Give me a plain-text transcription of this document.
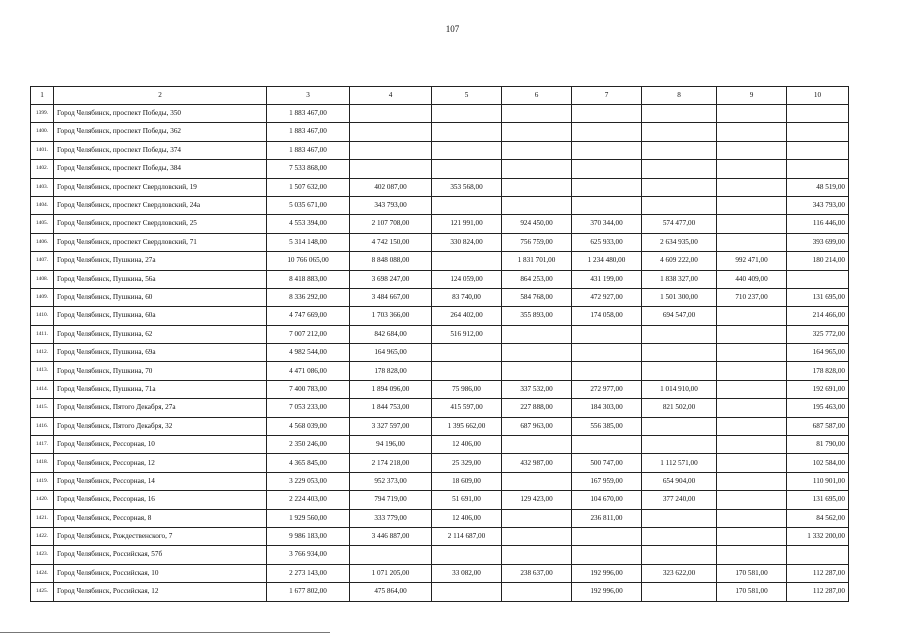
107
1	2	3	4	5	6	7	8	9	10
1399.	Город Челябинск, проспект Победы, 350	1 883 467,00							
1400.	Город Челябинск, проспект Победы, 362	1 883 467,00							
1401.	Город Челябинск, проспект Победы, 374	1 883 467,00							
1402.	Город Челябинск, проспект Победы, 384	7 533 868,00							
1403.	Город Челябинск, проспект Свердловский, 19	1 507 632,00	402 087,00	353 568,00					48 519,00
1404.	Город Челябинск, проспект Свердловский, 24а	5 035 671,00	343 793,00						343 793,00
1405.	Город Челябинск, проспект Свердловский, 25	4 553 394,00	2 107 708,00	121 991,00	924 450,00	370 344,00	574 477,00		116 446,00
1406.	Город Челябинск, проспект Свердловский, 71	5 314 148,00	4 742 150,00	330 824,00	756 759,00	625 933,00	2 634 935,00		393 699,00
1407.	Город Челябинск, Пушкина, 27а	10 766 065,00	8 848 088,00		1 831 701,00	1 234 480,00	4 609 222,00	992 471,00	180 214,00
1408.	Город Челябинск, Пушкина, 56а	8 418 883,00	3 698 247,00	124 059,00	864 253,00	431 199,00	1 838 327,00	440 409,00	
1409.	Город Челябинск, Пушкина, 60	8 336 292,00	3 484 667,00	83 740,00	584 768,00	472 927,00	1 501 300,00	710 237,00	131 695,00
1410.	Город Челябинск, Пушкина, 60а	4 747 669,00	1 703 366,00	264 402,00	355 893,00	174 058,00	694 547,00		214 466,00
1411.	Город Челябинск, Пушкина, 62	7 007 212,00	842 684,00	516 912,00					325 772,00
1412.	Город Челябинск, Пушкина, 69а	4 982 544,00	164 965,00						164 965,00
1413.	Город Челябинск, Пушкина, 70	4 471 086,00	178 828,00						178 828,00
1414.	Город Челябинск, Пушкина, 71а	7 400 783,00	1 894 096,00	75 986,00	337 532,00	272 977,00	1 014 910,00		192 691,00
1415.	Город Челябинск, Пятого Декабря, 27а	7 053 233,00	1 844 753,00	415 597,00	227 888,00	184 303,00	821 502,00		195 463,00
1416.	Город Челябинск, Пятого Декабря, 32	4 568 039,00	3 327 597,00	1 395 662,00	687 963,00	556 385,00			687 587,00
1417.	Город Челябинск, Рессорная, 10	2 350 246,00	94 196,00	12 406,00					81 790,00
1418.	Город Челябинск, Рессорная, 12	4 365 845,00	2 174 218,00	25 329,00	432 987,00	500 747,00	1 112 571,00		102 584,00
1419.	Город Челябинск, Рессорная, 14	3 229 053,00	952 373,00	18 609,00		167 959,00	654 904,00		110 901,00
1420.	Город Челябинск, Рессорная, 16	2 224 403,00	794 719,00	51 691,00	129 423,00	104 670,00	377 240,00		131 695,00
1421.	Город Челябинск, Рессорная, 8	1 929 560,00	333 779,00	12 406,00		236 811,00			84 562,00
1422.	Город Челябинск, Рождественского, 7	9 986 183,00	3 446 887,00	2 114 687,00					1 332 200,00
1423.	Город Челябинск, Российская, 57б	3 766 934,00							
1424.	Город Челябинск, Российская, 10	2 273 143,00	1 071 205,00	33 082,00	238 637,00	192 996,00	323 622,00	170 581,00	112 287,00
1425.	Город Челябинск, Российская, 12	1 677 802,00	475 864,00			192 996,00		170 581,00	112 287,00
